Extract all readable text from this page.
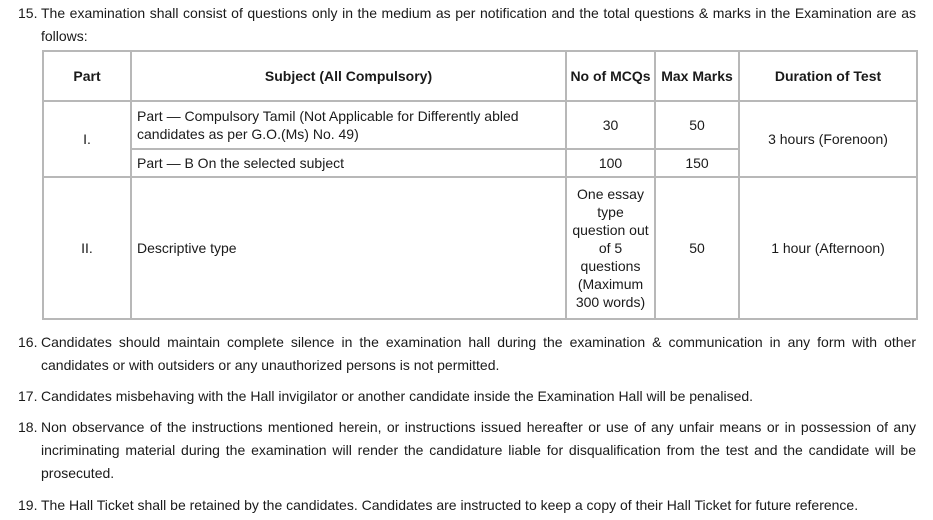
15. The examination shall consist of questions only in the medium as per notification and the total questions & marks in the Examination are as follows:
Part	Subject (All Compulsory)	No of MCQs	Max Marks	Duration of Test
I.	Part — Compulsory Tamil (Not Applicable for Differently abled candidates as per G.O.(Ms) No. 49)	30	50	3 hours (Forenoon)
	Part — B On the selected subject	100	150	
II.	Descriptive type	One essay type question out of 5 questions (Maximum 300 words)	50	1 hour (Afternoon)
16. Candidates should maintain complete silence in the examination hall during the examination & communication in any form with other candidates or with outsiders or any unauthorized persons is not permitted.
17. Candidates misbehaving with the Hall invigilator or another candidate inside the Examination Hall will be penalised.
18. Non observance of the instructions mentioned herein, or instructions issued hereafter or use of any unfair means or in possession of any incriminating material during the examination will render the candidature liable for disqualification from the test and the candidate will be prosecuted.
19. The Hall Ticket shall be retained by the candidates. Candidates are instructed to keep a copy of their Hall Ticket for future reference.
